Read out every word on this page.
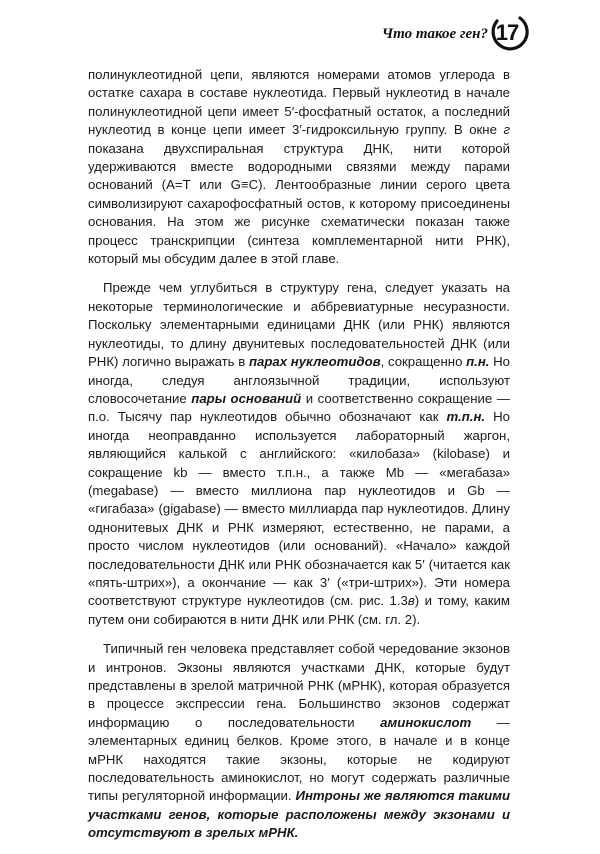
Что такое ген? 17

полинуклеотидной цепи, являются номерами атомов углерода в остатке сахара в составе нуклеотида. Первый нуклеотид в начале полинуклеотидной цепи имеет 5′-фосфатный остаток, а последний нуклеотид в конце цепи имеет 3′-гидроксильную группу. В окне г показана двухспиральная структура ДНК, нити которой удерживаются вместе водородными связями между парами оснований (A=T или G≡C). Лентообразные линии серого цвета символизируют сахарофосфатный остов, к которому присоединены основания. На этом же рисунке схематически показан также процесс транскрипции (синтеза комплементарной нити РНК), который мы обсудим далее в этой главе.

Прежде чем углубиться в структуру гена, следует указать на некоторые терминологические и аббревиатурные несуразности. Поскольку элементарными единицами ДНК (или РНК) являются нуклеотиды, то длину двунитевых последовательностей ДНК (или РНК) логично выражать в парах нуклеотидов, сокращенно п.н. Но иногда, следуя англоязычной традиции, используют словосочетание пары оснований и соответственно сокращение — п.о. Тысячу пар нуклеотидов обычно обозначают как т.п.н. Но иногда неоправданно используется лабораторный жаргон, являющийся калькой с английского: «килобаза» (kilobase) и сокращение kb — вместо т.п.н., а также Mb — «мегабаза» (megabase) — вместо миллиона пар нуклеотидов и Gb — «гигабаза» (gigabase) — вместо миллиарда пар нуклеотидов. Длину однонитевых ДНК и РНК измеряют, естественно, не парами, а просто числом нуклеотидов (или оснований). «Начало» каждой последовательности ДНК или РНК обозначается как 5′ (читается как «пять-штрих»), а окончание — как 3′ («три-штрих»). Эти номера соответствуют структуре нуклеотидов (см. рис. 1.3в) и тому, каким путем они собираются в нити ДНК или РНК (см. гл. 2).

Типичный ген человека представляет собой чередование экзонов и интронов. Экзоны являются участками ДНК, которые будут представлены в зрелой матричной РНК (мРНК), которая образуется в процессе экспрессии гена. Большинство экзонов содержат информацию о последовательности аминокислот — элементарных единиц белков. Кроме этого, в начале и в конце мРНК находятся такие экзоны, которые не кодируют последовательность аминокислот, но могут содержать различные типы регуляторной информации. Интроны же являются такими участками генов, которые расположены между экзонами и отсутствуют в зрелых мРНК.
